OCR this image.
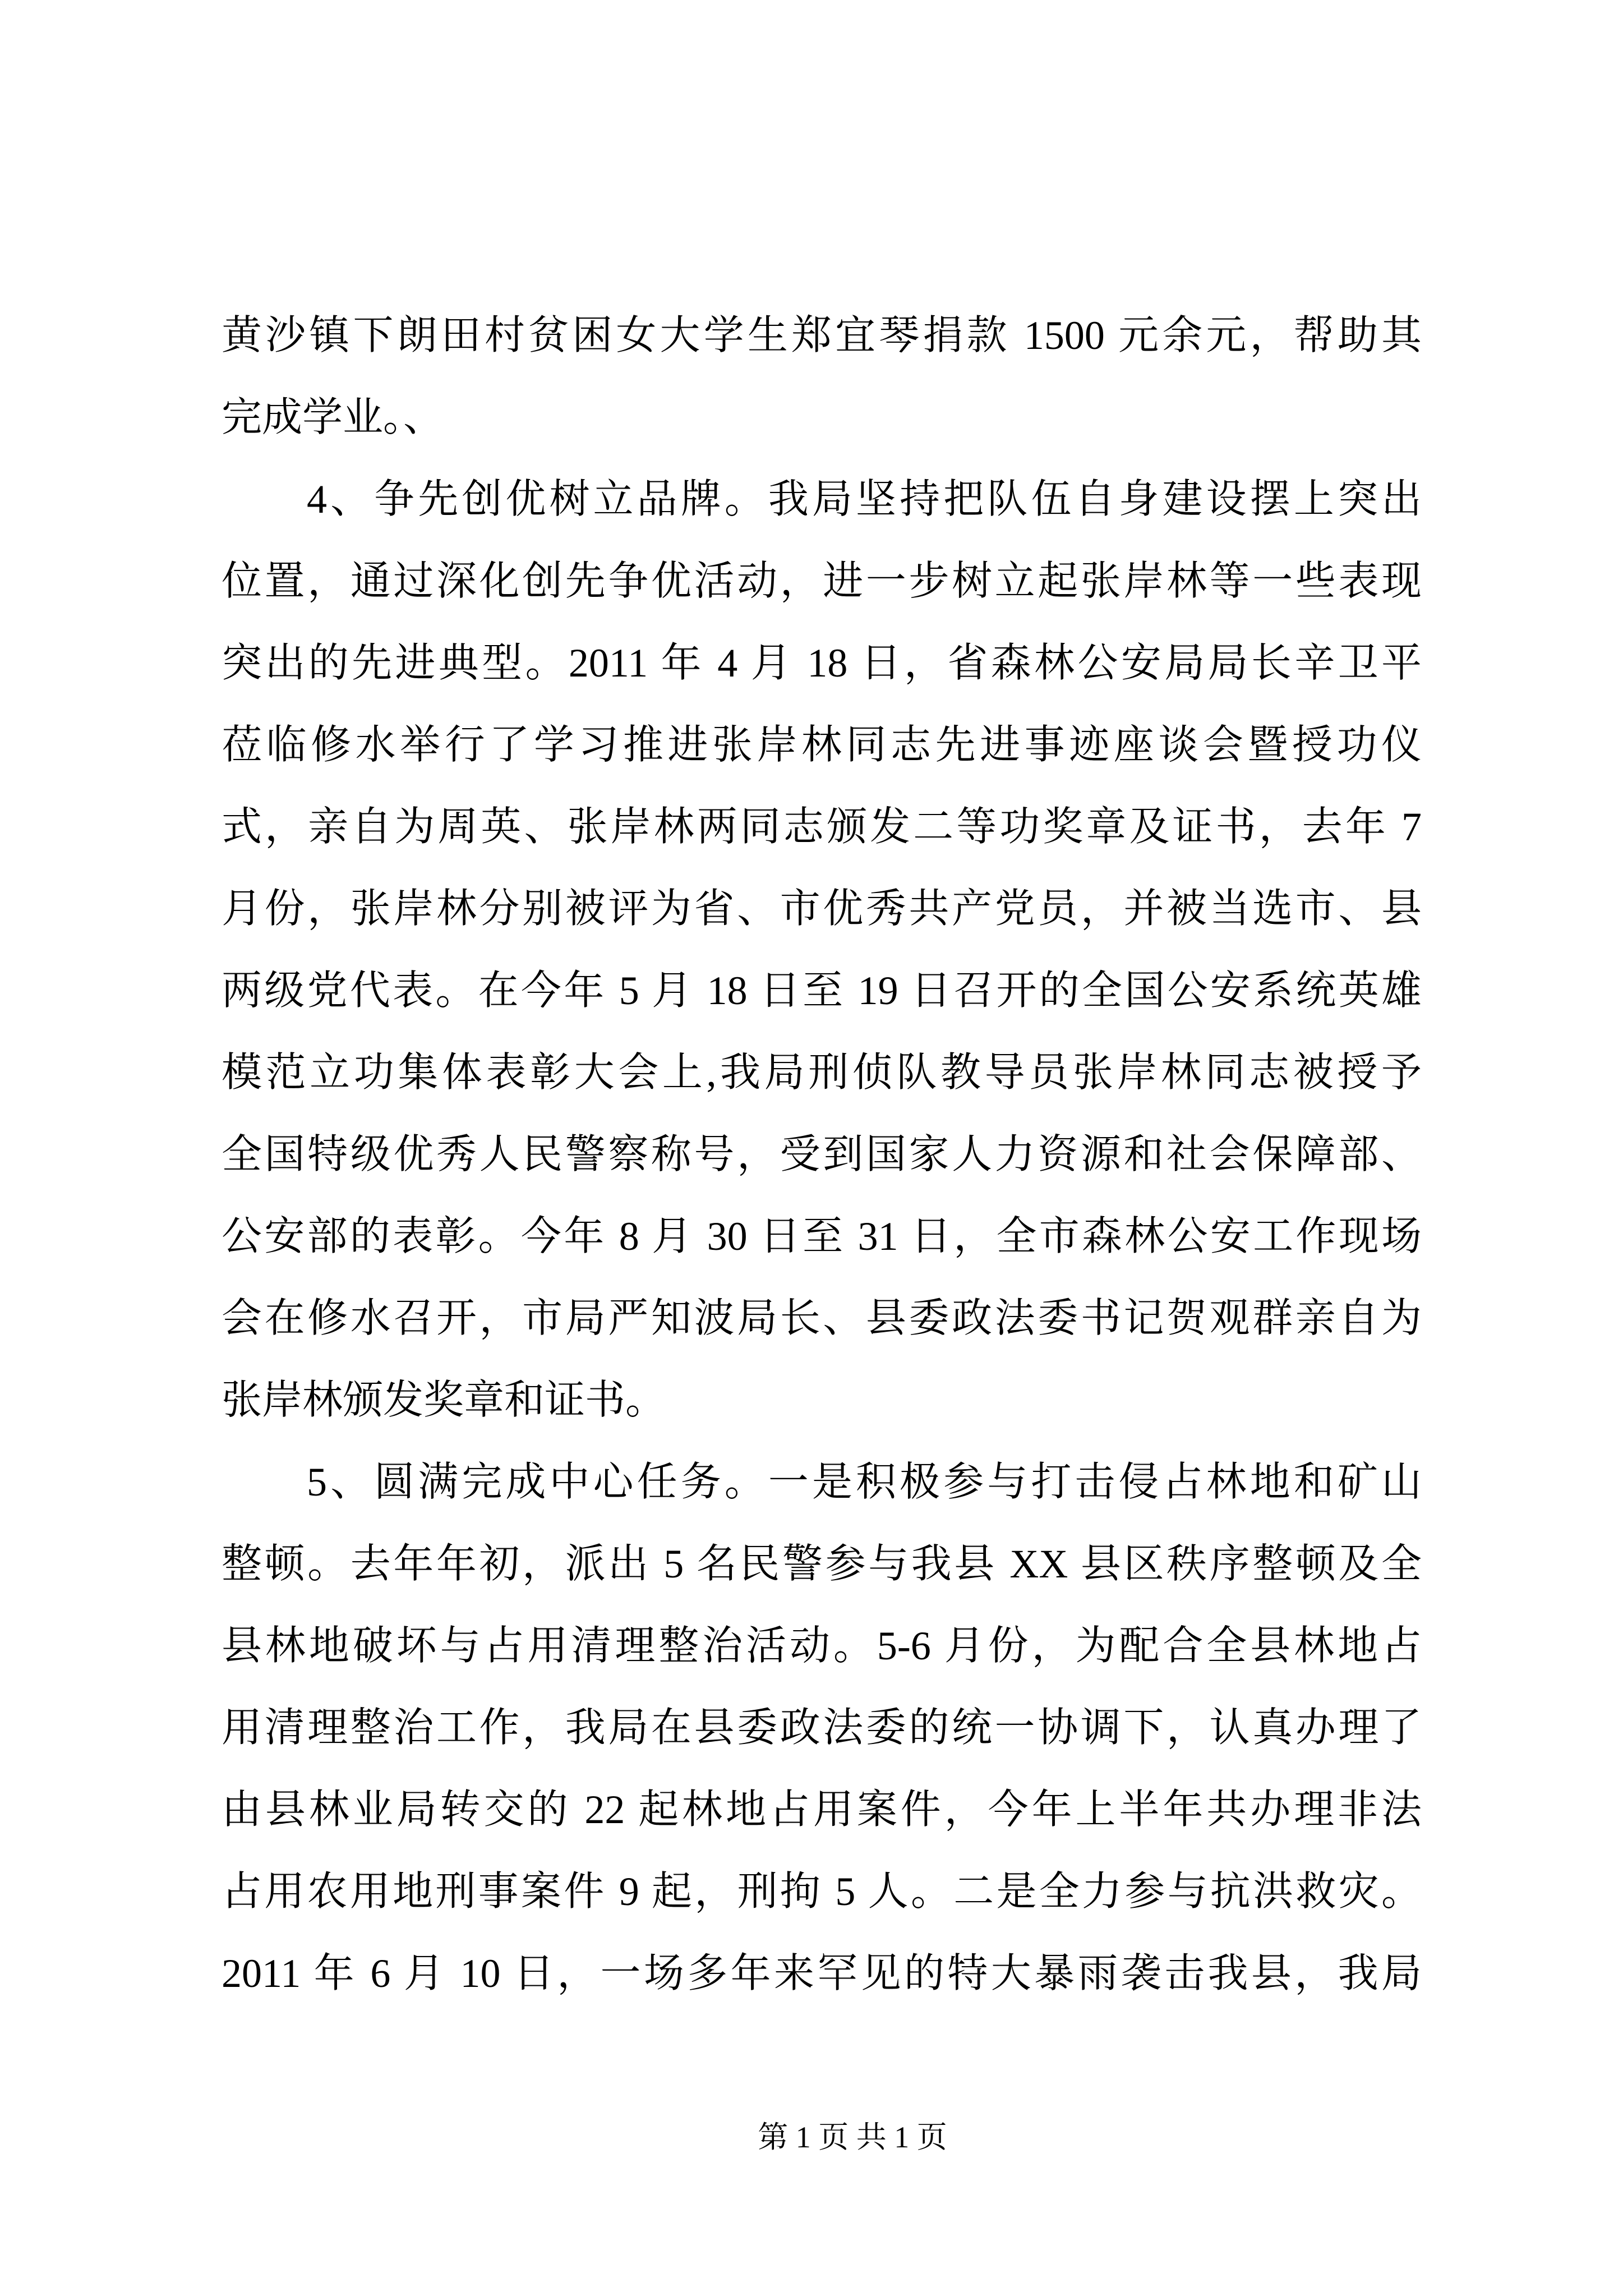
黄沙镇下朗田村贫困女大学生郑宜琴捐款 1500 元余元，帮助其
完成学业。、
4、争先创优树立品牌。我局坚持把队伍自身建设摆上突出
位置，通过深化创先争优活动，进一步树立起张岸林等一些表现
突出的先进典型。2011 年 4 月 18 日，省森林公安局局长辛卫平
莅临修水举行了学习推进张岸林同志先进事迹座谈会暨授功仪
式，亲自为周英、张岸林两同志颁发二等功奖章及证书，去年 7
月份，张岸林分别被评为省、市优秀共产党员，并被当选市、县
两级党代表。在今年 5 月 18 日至 19 日召开的全国公安系统英雄
模范立功集体表彰大会上,我局刑侦队教导员张岸林同志被授予
全国特级优秀人民警察称号，受到国家人力资源和社会保障部、
公安部的表彰。今年 8 月 30 日至 31 日，全市森林公安工作现场
会在修水召开，市局严知波局长、县委政法委书记贺观群亲自为
张岸林颁发奖章和证书。
5、圆满完成中心任务。一是积极参与打击侵占林地和矿山
整顿。去年年初，派出 5 名民警参与我县 XX 县区秩序整顿及全
县林地破坏与占用清理整治活动。5-6 月份，为配合全县林地占
用清理整治工作，我局在县委政法委的统一协调下，认真办理了
由县林业局转交的 22 起林地占用案件，今年上半年共办理非法
占用农用地刑事案件 9 起，刑拘 5 人。二是全力参与抗洪救灾。
2011 年 6 月 10 日，一场多年来罕见的特大暴雨袭击我县，我局
第 1 页 共 1 页
